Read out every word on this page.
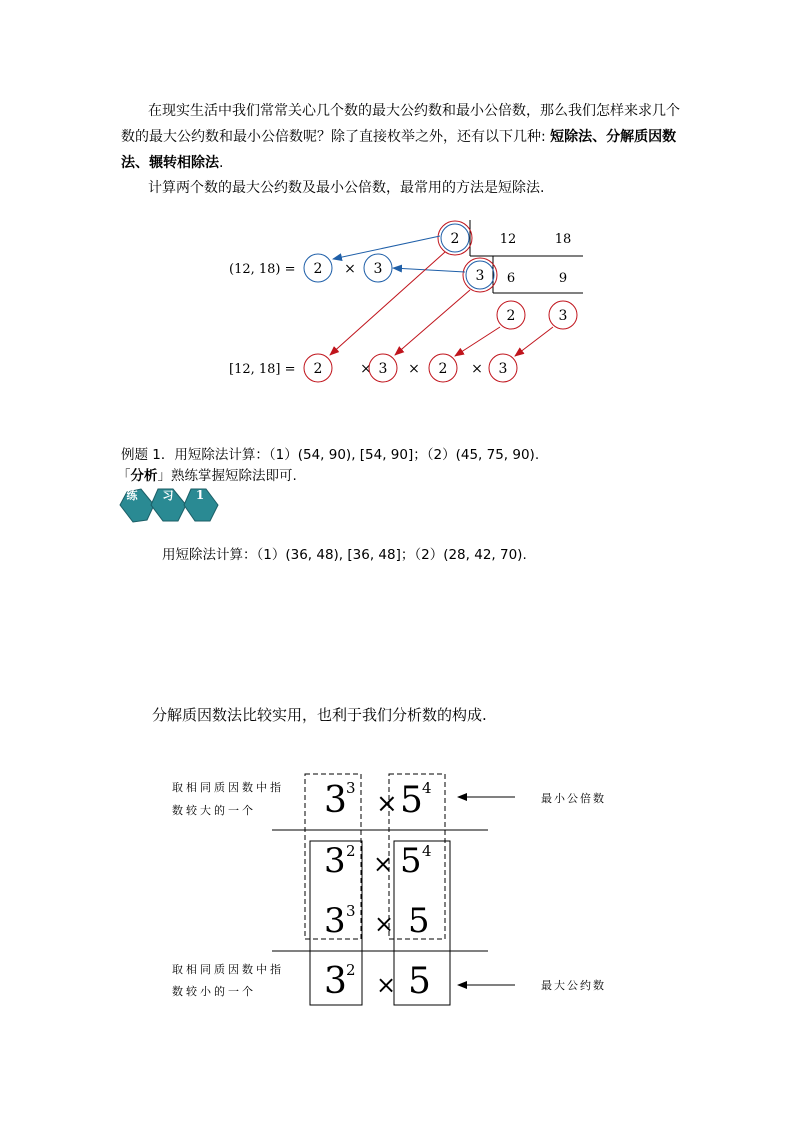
在现实生活中我们常常关心几个数的最大公约数和最小公倍数，那么我们怎样来求几个

数的最大公约数和最小公倍数呢？除了直接枚举之外，还有以下几种: 短除法、分解质因数

法、辗转相除法.

计算两个数的最大公约数及最小公倍数，最常用的方法是短除法.

2
3
12	18
6	9
(12, 18) = 2 × 3
2	3
[12, 18] = 2	× 3 × 2 × 3

例题 1．用短除法计算：（1）(54, 90), [54, 90]；（2）(45, 75, 90).

「分析」熟练掌握短除法即可.

练 习 1

用短除法计算：（1）(36, 48), [36, 48]；（2）(28, 42, 70).

分解质因数法比较实用，也利于我们分析数的构成.

3 3
× 5 4
3 2 × 5 4
3 3 × 5
3 2
× 5
取相同质因数中指
数较大的一个
取相同质因数中指
数较小的一个
最小公倍数
最大公约数
